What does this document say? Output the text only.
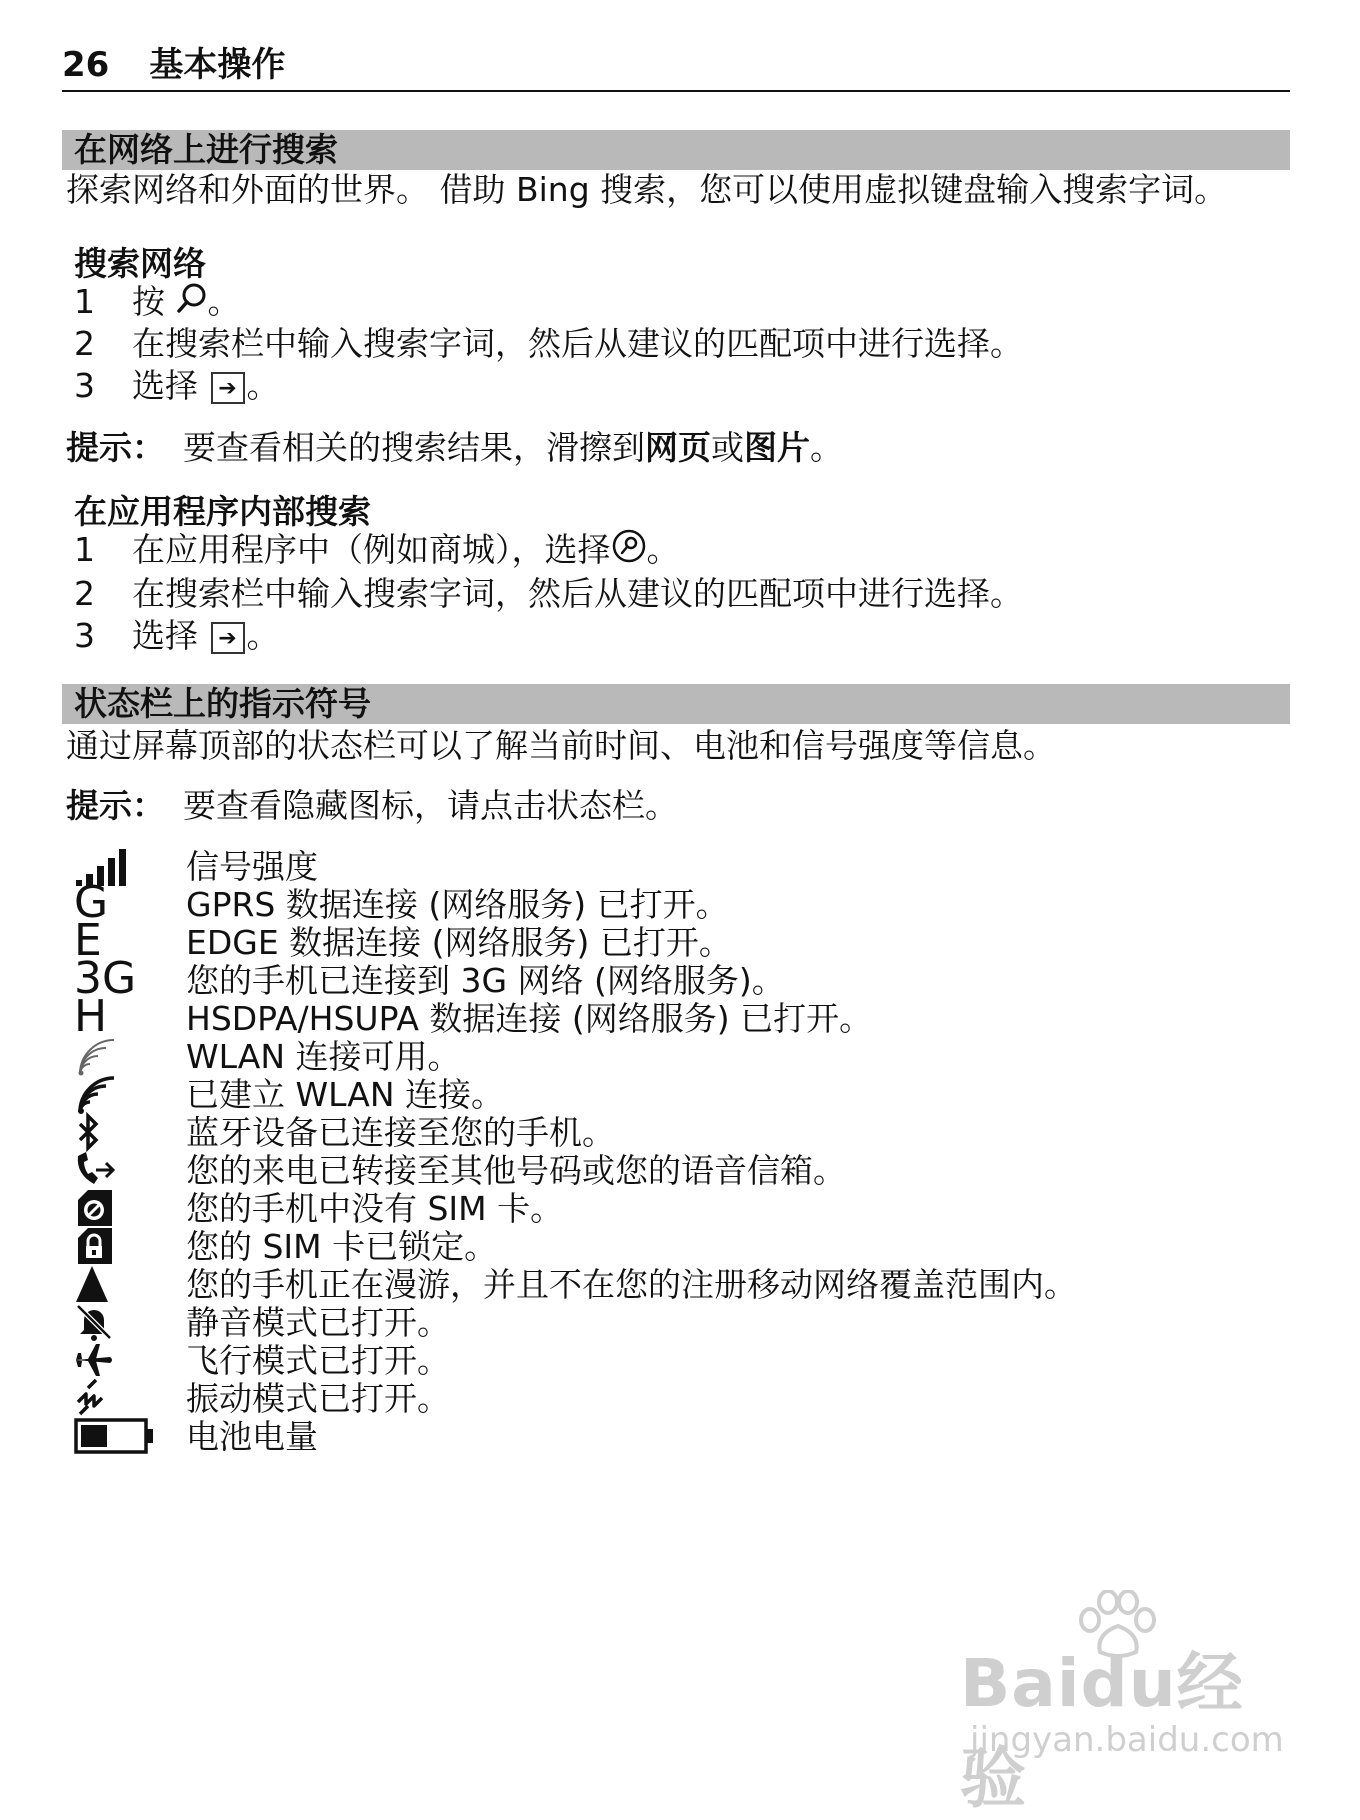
26 基本操作
在网络上进行搜索
探索网络和外面的世界。 借助 Bing 搜索，您可以使用虚拟键盘输入搜索字词。
搜索网络
1 按 。
2 在搜索栏中输入搜索字词，然后从建议的匹配项中进行选择。
3 选择 ➔ 。
提示： 要查看相关的搜索结果，滑擦到网页或图片。
在应用程序内部搜索
1 在应用程序中（例如商城），选择 。
2 在搜索栏中输入搜索字词，然后从建议的匹配项中进行选择。
3 选择 ➔ 。
状态栏上的指示符号
通过屏幕顶部的状态栏可以了解当前时间、电池和信号强度等信息。
提示： 要查看隐藏图标，请点击状态栏。
信号强度
G GPRS 数据连接 (网络服务) 已打开。
E	EDGE 数据连接 (网络服务) 已打开。
3G 您的手机已连接到 3G 网络 (网络服务)。
H HSDPA/HSUPA 数据连接 (网络服务) 已打开。
WLAN 连接可用。
已建立 WLAN 连接。
蓝牙设备已连接至您的手机。
您的来电已转接至其他号码或您的语音信箱。
您的手机中没有 SIM 卡。
您的 SIM 卡已锁定。
您的手机正在漫游，并且不在您的注册移动网络覆盖范围内。
静音模式已打开。
飞行模式已打开。
振动模式已打开。
电池电量
Baidu经验
jingyan.baidu.com
